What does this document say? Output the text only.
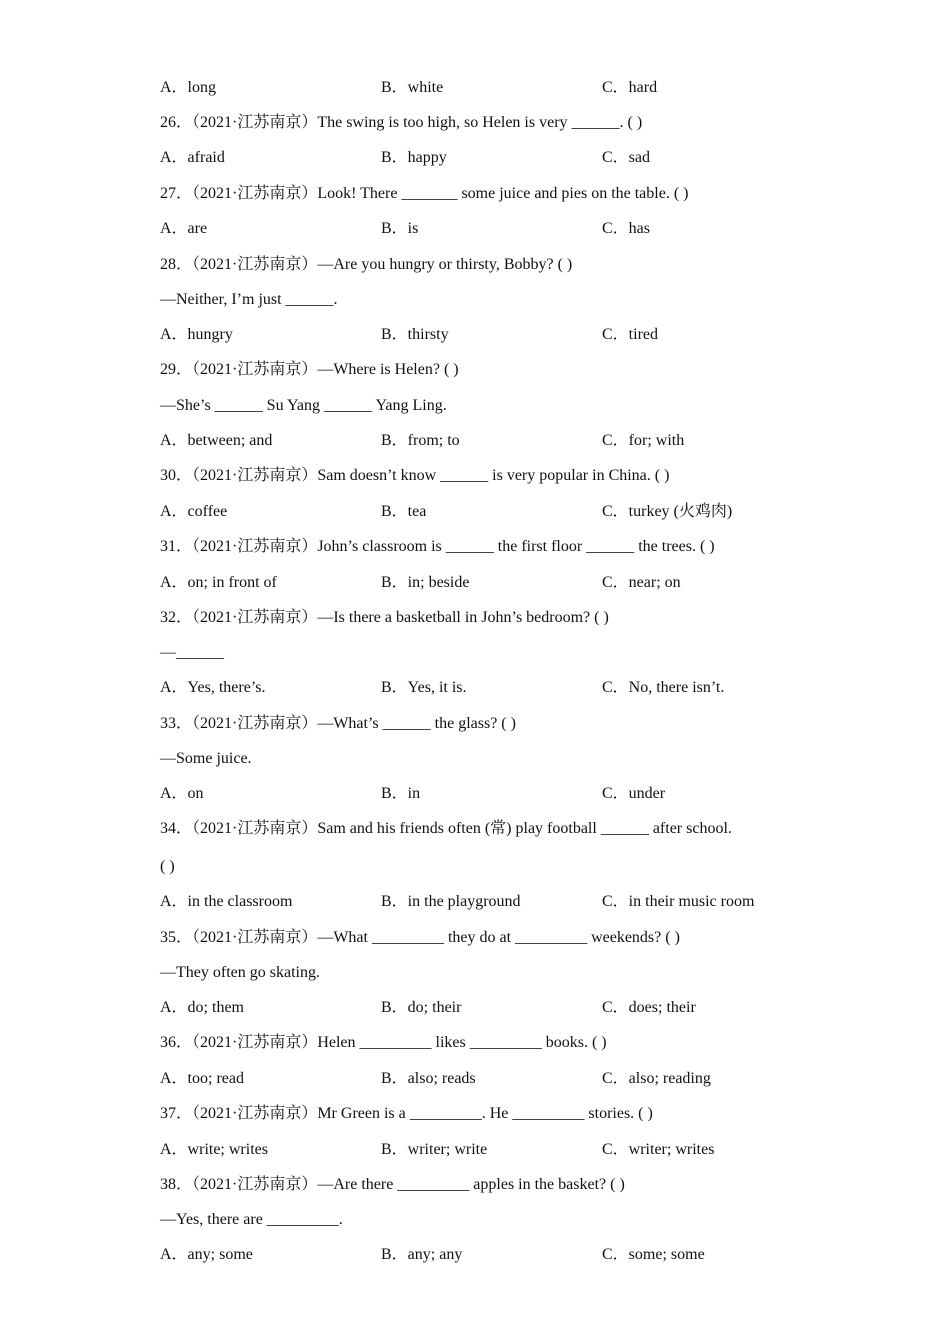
A．long	B．white	C．hard
26．（2021·江苏南京）The swing is too high, so Helen is very ______. ( )
A．afraid	B．happy	C．sad
27．（2021·江苏南京）Look! There _______ some juice and pies on the table. ( )
A．are	B．is	C．has
28．（2021·江苏南京）—Are you hungry or thirsty, Bobby? ( )
—Neither, I’m just ______.
A．hungry	B．thirsty	C．tired
29．（2021·江苏南京）—Where is Helen? ( )
—She’s ______ Su Yang ______ Yang Ling.
A．between; and	B．from; to	C．for; with
30．（2021·江苏南京）Sam doesn’t know ______ is very popular in China. ( )
A．coffee	B．tea	C．turkey (火鸡肉)
31．（2021·江苏南京）John’s classroom is ______ the first floor ______ the trees. ( )
A．on; in front of	B．in; beside	C．near; on
32．（2021·江苏南京）—Is there a basketball in John’s bedroom? ( )
—______
A．Yes, there’s.	B．Yes, it is.	C．No, there isn’t.
33．（2021·江苏南京）—What’s ______ the glass? ( )
—Some juice.
A．on	B．in	C．under
34．（2021·江苏南京）Sam and his friends often (常) play football ______ after school.
( )
A．in the classroom	B．in the playground	C．in their music room
35．（2021·江苏南京）—What _________ they do at _________ weekends? ( )
—They often go skating.
A．do; them	B．do; their	C．does; their
36．（2021·江苏南京）Helen _________ likes _________ books. ( )
A．too; read	B．also; reads	C．also; reading
37．（2021·江苏南京）Mr Green is a _________. He _________ stories. ( )
A．write; writes	B．writer; write	C．writer; writes
38．（2021·江苏南京）—Are there _________ apples in the basket? ( )
—Yes, there are _________.
A．any; some	B．any; any	C．some; some
